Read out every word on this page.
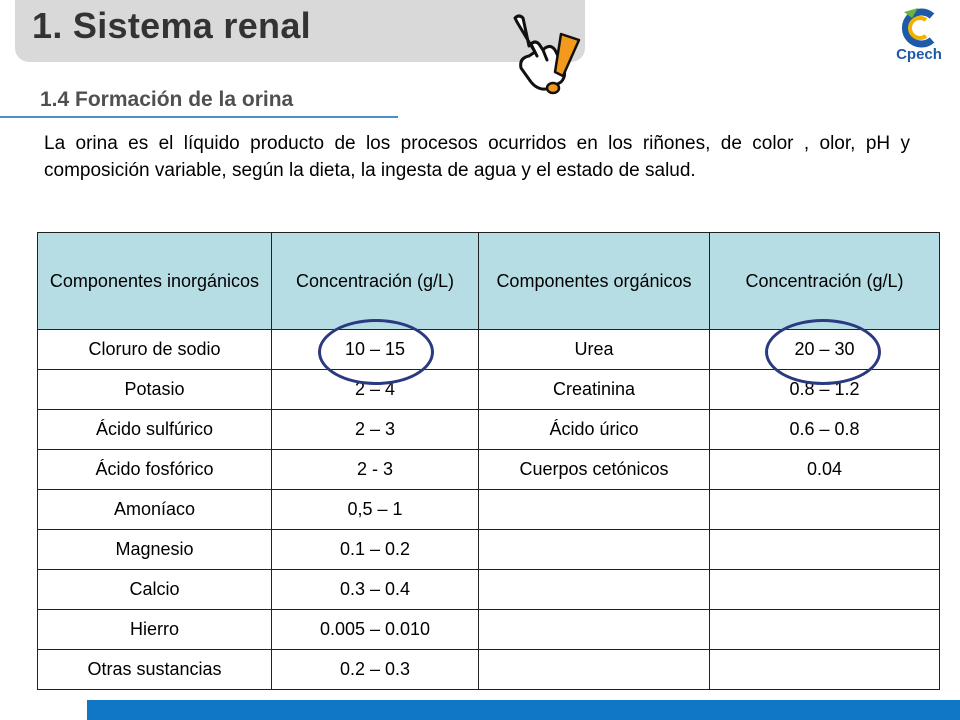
1. Sistema renal
Cpech
1.4 Formación de la orina
La orina es el líquido producto de los procesos ocurridos en los riñones, de color , olor, pH y composición variable, según la dieta, la ingesta de agua y el estado de salud.
Componentes inorgánicos	Concentración (g/L)	Componentes orgánicos	Concentración (g/L)
Cloruro de sodio	10 – 15	Urea	20 – 30
Potasio	2 – 4	Creatinina	0.8 – 1.2
Ácido sulfúrico	2 – 3	Ácido úrico	0.6 – 0.8
Ácido fosfórico	2 - 3	Cuerpos cetónicos	0.04
Amoníaco	0,5 – 1		
Magnesio	0.1 – 0.2		
Calcio	0.3 – 0.4		
Hierro	0.005 – 0.010		
Otras sustancias	0.2 – 0.3		
